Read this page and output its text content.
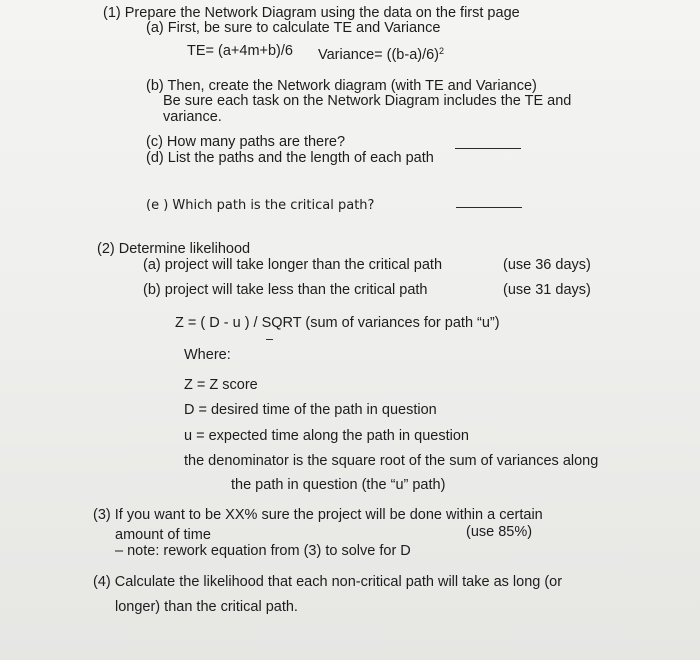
(1) Prepare the Network Diagram using the data on the first page
(a) First, be sure to calculate TE and Variance
TE= (a+4m+b)/6 Variance= $((b-a)/6)^2$
(b) Then, create the Network diagram (with TE and Variance)
Be sure each task on the Network Diagram includes the TE and
variance.
(c) How many paths are there?
(d) List the paths and the length of each path
(e ) Which path is the critical path?
(2) Determine likelihood
(a) project will take longer than the critical path	(use 36 days)
(b) project will take less than the critical path	(use 31 days)
Z = ( D - u ) / SQRT (sum of variances for path “u”)
Where:
Z = Z score
D = desired time of the path in question
u = expected time along the path in question
the denominator is the square root of the sum of variances along
the path in question (the “u” path)
(3) If you want to be XX% sure the project will be done within a certain
amount of time	(use 85%)
– note: rework equation from (3) to solve for D
(4) Calculate the likelihood that each non-critical path will take as long (or
longer) than the critical path.
